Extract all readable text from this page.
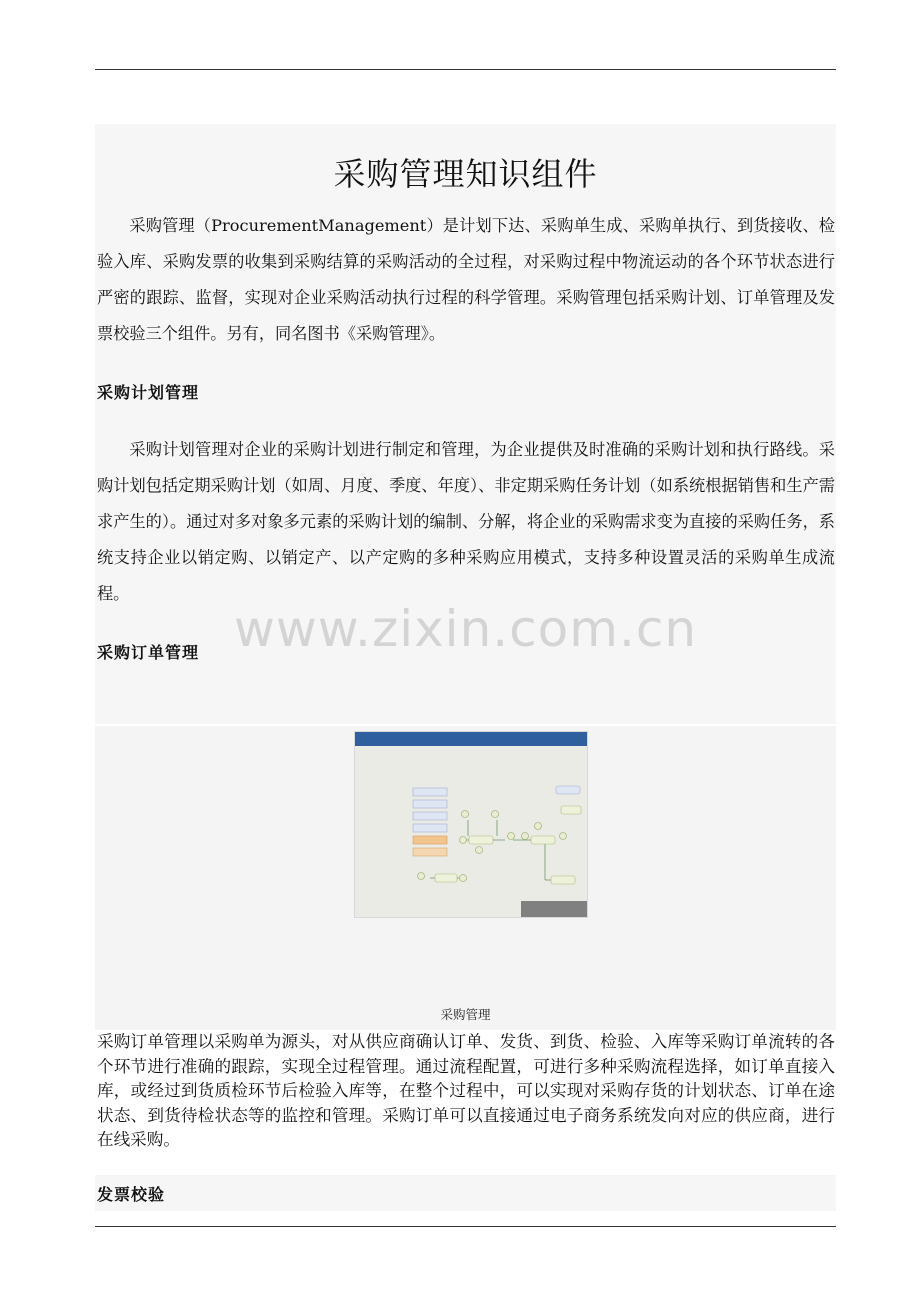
采购管理知识组件

采购管理（ProcurementManagement）是计划下达、采购单生成、采购单执行、到货接收、检验入库、采购发票的收集到采购结算的采购活动的全过程，对采购过程中物流运动的各个环节状态进行严密的跟踪、监督，实现对企业采购活动执行过程的科学管理。采购管理包括采购计划、订单管理及发票校验三个组件。另有，同名图书《采购管理》。

采购计划管理

采购计划管理对企业的采购计划进行制定和管理，为企业提供及时准确的采购计划和执行路线。采购计划包括定期采购计划（如周、月度、季度、年度）、非定期采购任务计划（如系统根据销售和生产需求产生的）。通过对多对象多元素的采购计划的编制、分解，将企业的采购需求变为直接的采购任务，系统支持企业以销定购、以销定产、以产定购的多种采购应用模式，支持多种设置灵活的采购单生成流程。

www.zixin.com.cn
采购订单管理
采购管理

采购订单管理以采购单为源头，对从供应商确认订单、发货、到货、检验、入库等采购订单流转的各个环节进行准确的跟踪，实现全过程管理。通过流程配置，可进行多种采购流程选择，如订单直接入库，或经过到货质检环节后检验入库等，在整个过程中，可以实现对采购存货的计划状态、订单在途状态、到货待检状态等的监控和管理。采购订单可以直接通过电子商务系统发向对应的供应商，进行在线采购。

发票校验
